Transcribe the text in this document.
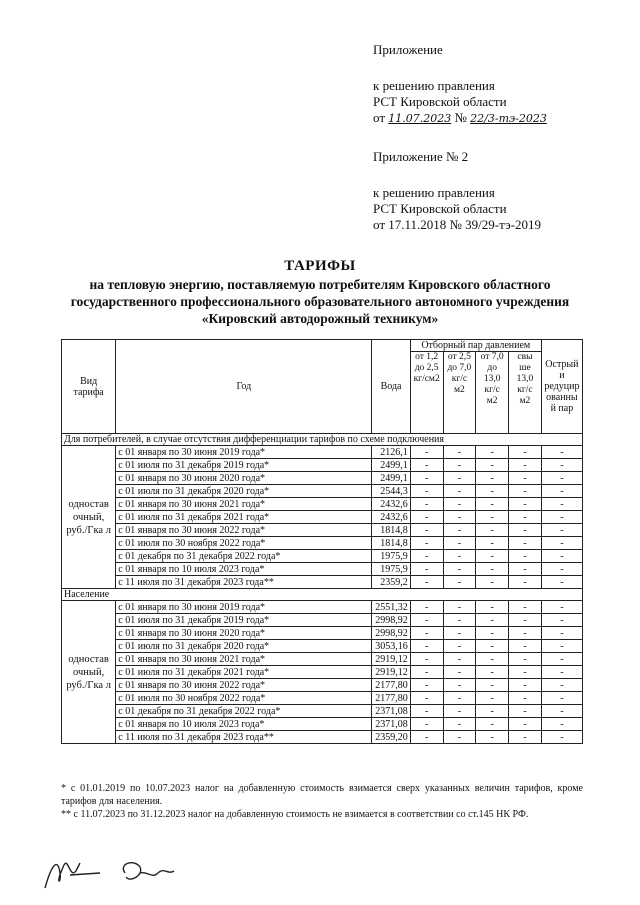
Приложение
к решению правления
РСТ Кировской области
от 11.07.2023 № 22/3-тэ-2023
Приложение № 2
к решению правления
РСТ Кировской области
от 17.11.2018 № 39/29-тэ-2019
ТАРИФЫ
на тепловую энергию, поставляемую потребителям Кировского областного государственного профессионального образовательного автономного учреждения «Кировский автодорожный техникум»
Вид тарифа	Год	Вода	Отборный пар давлением				Острый и редуцир ованны й пар
			от 1,2 до 2,5 кг/см2	от 2,5 до 7,0 кг/с м2	от 7,0 до 13,0 кг/с м2	свы ше 13,0 кг/с м2	
Для потребителей, в случае отсутствия дифференциации тарифов по схеме подключения							
одностав очный, руб./Гка л	с 01 января по 30 июня 2019 года*	2126,1	-	-	-	-	-
	с 01 июля по 31 декабря 2019 года*	2499,1	-	-	-	-	-
	с 01 января по 30 июня 2020 года*	2499,1	-	-	-	-	-
	с 01 июля по 31 декабря 2020 года*	2544,3	-	-	-	-	-
	с 01 января по 30 июня 2021 года*	2432,6	-	-	-	-	-
	с 01 июля по 31 декабря 2021 года*	2432,6	-	-	-	-	-
	с 01 января по 30 июня 2022 года*	1814,8	-	-	-	-	-
	с 01 июля по 30 ноября 2022 года*	1814,8	-	-	-	-	-
	с 01 декабря по 31 декабря 2022 года*	1975,9	-	-	-	-	-
	с 01 января по 10 июля 2023 года*	1975,9	-	-	-	-	-
	с 11 июля по 31 декабря 2023 года**	2359,2	-	-	-	-	-
Население							
одностав очный, руб./Гка л	с 01 января по 30 июня 2019 года*	2551,32	-	-	-	-	-
	с 01 июля по 31 декабря 2019 года*	2998,92	-	-	-	-	-
	с 01 января по 30 июня 2020 года*	2998,92	-	-	-	-	-
	с 01 июля по 31 декабря 2020 года*	3053,16	-	-	-	-	-
	с 01 января по 30 июня 2021 года*	2919,12	-	-	-	-	-
	с 01 июля по 31 декабря 2021 года*	2919,12	-	-	-	-	-
	с 01 января по 30 июня 2022 года*	2177,80	-	-	-	-	-
	с 01 июля по 30 ноября 2022 года*	2177,80	-	-	-	-	-
	с 01 декабря по 31 декабря 2022 года*	2371,08	-	-	-	-	-
	с 01 января по 10 июля 2023 года*	2371,08	-	-	-	-	-
	с 11 июля по 31 декабря 2023 года**	2359,20	-	-	-	-	-
* с 01.01.2019 по 10.07.2023 налог на добавленную стоимость взимается сверх указанных величин тарифов, кроме тарифов для населения.
** с 11.07.2023 по 31.12.2023 налог на добавленную стоимость не взимается в соответствии со ст.145 НК РФ.
